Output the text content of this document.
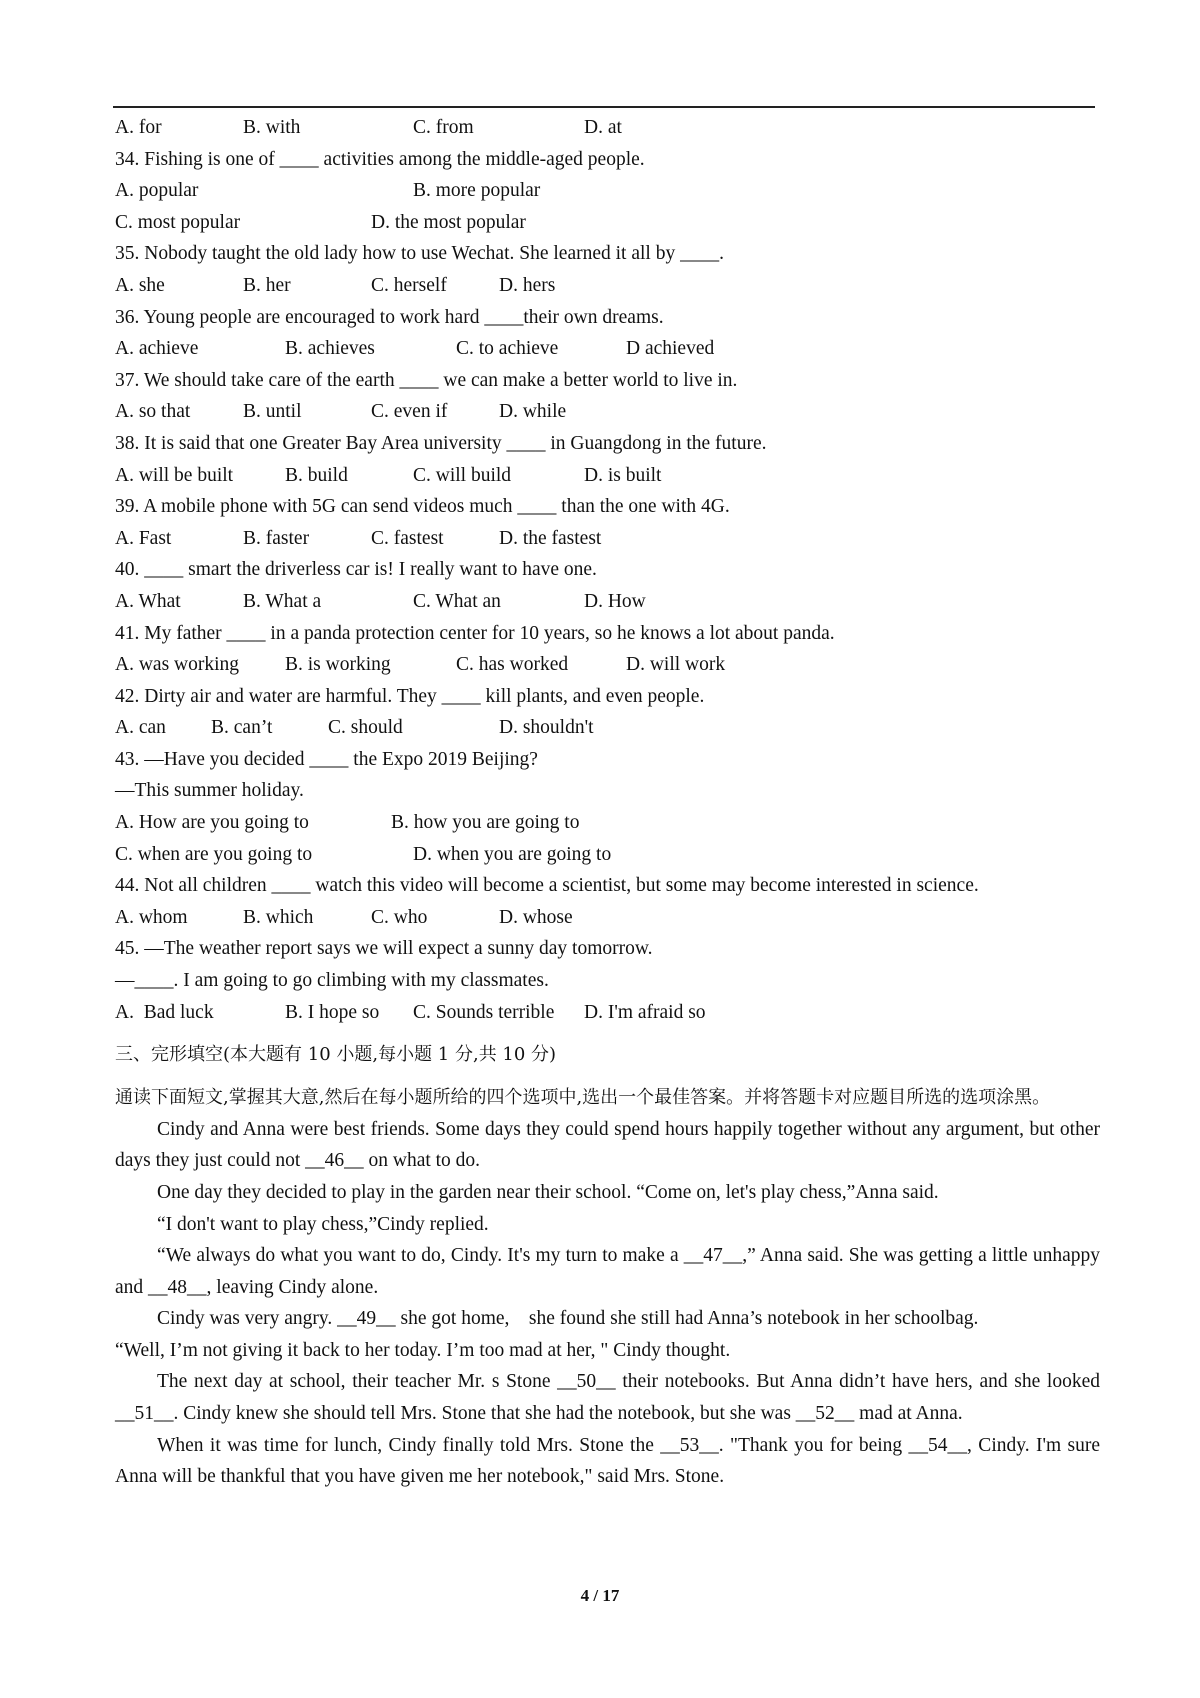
A. for	B. with	C. from	D. at
34. Fishing is one of ____ activities among the middle-aged people.
A. popular	B. more popular
C. most popular	D. the most popular
35. Nobody taught the old lady how to use Wechat. She learned it all by ____.
A. she	B. her	C. herself	D. hers
36. Young people are encouraged to work hard ____their own dreams.
A. achieve	B. achieves	C. to achieve	D achieved
37. We should take care of the earth ____ we can make a better world to live in.
A. so that	B. until	C. even if	D. while
38. It is said that one Greater Bay Area university ____ in Guangdong in the future.
A. will be built	B. build	C. will build	D. is built
39. A mobile phone with 5G can send videos much ____ than the one with 4G.
A. Fast	B. faster	C. fastest	D. the fastest
40. ____ smart the driverless car is! I really want to have one.
A. What	B. What a	C. What an	D. How
41. My father ____ in a panda protection center for 10 years, so he knows a lot about panda.
A. was working B. is working	C. has worked	D. will work
42. Dirty air and water are harmful. They ____ kill plants, and even people.
A. can B. can’t	C. should	D. shouldn't
43. —Have you decided ____ the Expo 2019 Beijing?
—This summer holiday.
A. How are you going to	B. how you are going to
C. when are you going to	D. when you are going to
44. Not all children ____ watch this video will become a scientist, but some may become interested in science.
A. whom	B. which	C. who	D. whose
45. —The weather report says we will expect a sunny day tomorrow.
—____. I am going to go climbing with my classmates.
A.  Bad luck	B. I hope so C. Sounds terrible D. I'm afraid so
三、完形填空(本大题有 10 小题,每小题 1 分,共 10 分)
通读下面短文,掌握其大意,然后在每小题所给的四个选项中,选出一个最佳答案。并将答题卡对应题目所选的选项涂黑。

Cindy and Anna were best friends. Some days they could spend hours happily together without any argument, but other days they just could not __46__ on what to do.

One day they decided to play in the garden near their school. “Come on, let's play chess,”Anna said.

“I don't want to play chess,”Cindy replied.

“We always do what you want to do, Cindy. It's my turn to make a __47__,” Anna said. She was getting a little unhappy and __48__, leaving Cindy alone.

Cindy was very angry. __49__ she got home,    she found she still had Anna’s notebook in her schoolbag.

“Well, I’m not giving it back to her today. I’m too mad at her, " Cindy thought.

The next day at school, their teacher Mr. s Stone __50__ their notebooks. But Anna didn’t have hers, and she looked __51__. Cindy knew she should tell Mrs. Stone that she had the notebook, but she was __52__ mad at Anna.

When it was time for lunch, Cindy finally told Mrs. Stone the __53__. "Thank you for being __54__, Cindy. I'm sure Anna will be thankful that you have given me her notebook," said Mrs. Stone.

4 / 17
